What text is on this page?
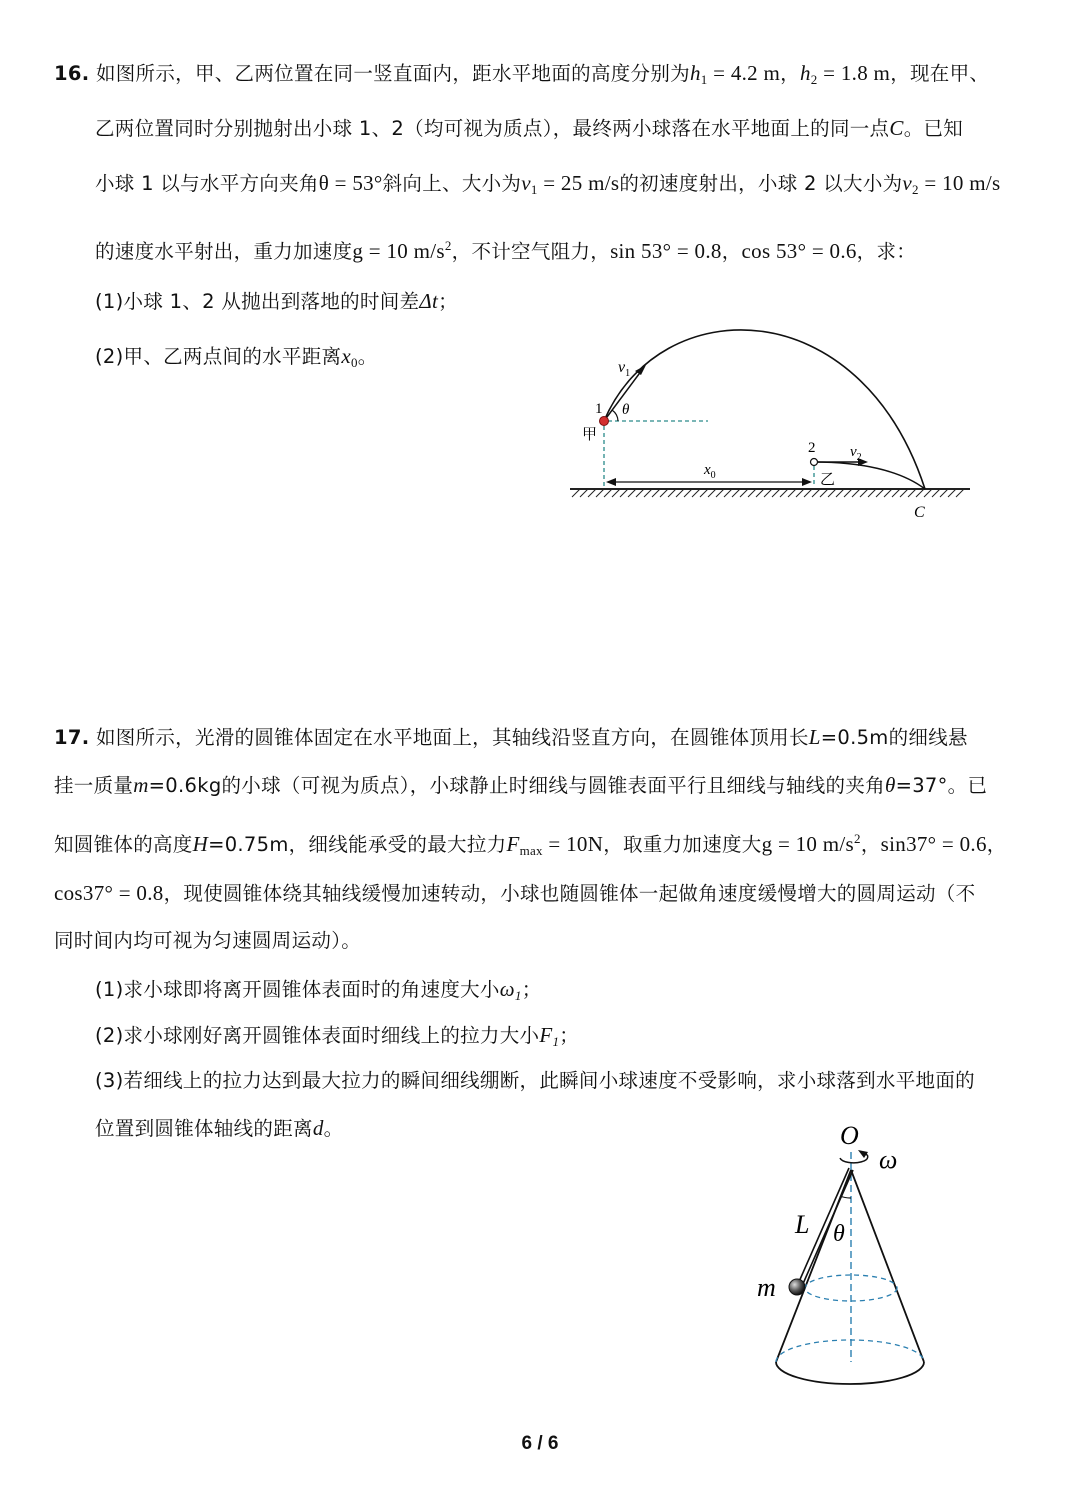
16. 如图所示，甲、乙两位置在同一竖直面内，距水平地面的高度分别为$h_1 = 4.2$ m，$h_2 = 1.8$ m，现在甲、
乙两位置同时分别抛射出小球 1、2（均可视为质点），最终两小球落在水平地面上的同一点C。已知
小球 1 以与水平方向夹角θ = 53°斜向上、大小为$v_1 = 25$ m/s的初速度射出，小球 2 以大小为$v_2 = 10$ m/s
的速度水平射出，重力加速度g = 10 $m/s^2$，不计空气阻力，sin 53° = 0.8，cos 53° = 0.6，求：
(1)小球 1、2 从抛出到落地的时间差Δt；
(2)甲、乙两点间的水平距离$x_0$。	$v_1$
1 θ
甲
2 $v_2$
$x_0$	乙
C
17. 如图所示，光滑的圆锥体固定在水平地面上，其轴线沿竖直方向，在圆锥体顶用长L=0.5m的细线悬
挂一质量m=0.6kg的小球（可视为质点），小球静止时细线与圆锥表面平行且细线与轴线的夹角θ=37°。已
知圆锥体的高度H=0.75m，细线能承受的最大拉力$F_{max} = 10N$，取重力加速度大g = 10 $m/s^2$，sin37° = 0.6，
cos37° = 0.8，现使圆锥体绕其轴线缓慢加速转动，小球也随圆锥体一起做角速度缓慢增大的圆周运动（不
同时间内均可视为匀速圆周运动）。
(1)求小球即将离开圆锥体表面时的角速度大小$\omega_1$；
(2)求小球刚好离开圆锥体表面时细线上的拉力大小$F_1$；
(3)若细线上的拉力达到最大拉力的瞬间细线绷断，此瞬间小球速度不受影响，求小球落到水平地面的
位置到圆锥体轴线的距离d。	O
ω
L θ
m
6 / 6
